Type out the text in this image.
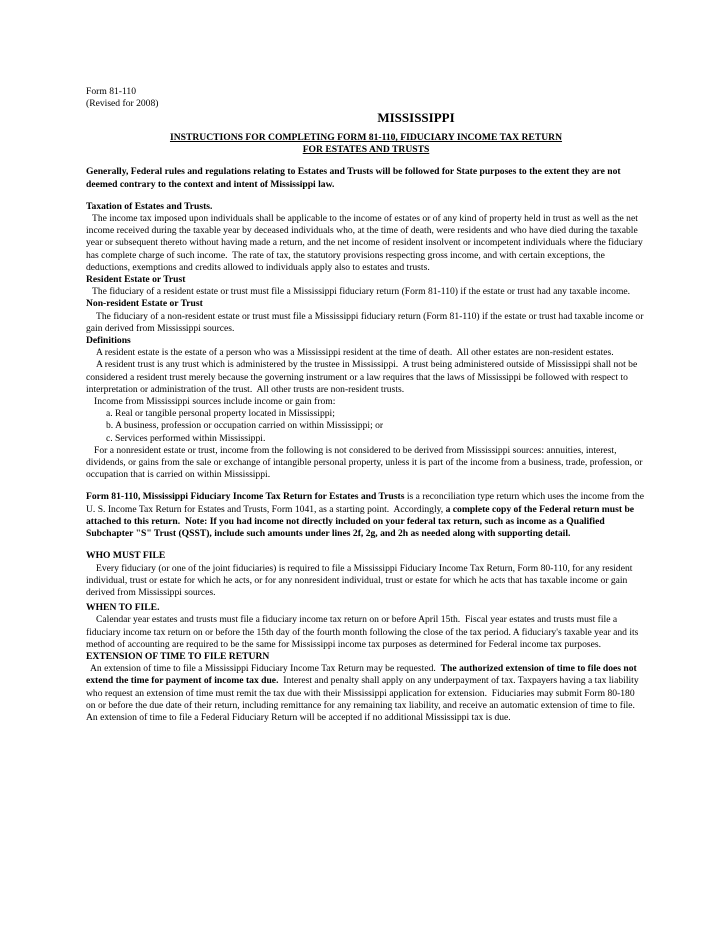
Form 81-110

(Revised for 2008)

MISSISSIPPI

INSTRUCTIONS FOR COMPLETING FORM 81-110, FIDUCIARY INCOME TAX RETURN
FOR ESTATES AND TRUSTS

Generally, Federal rules and regulations relating to Estates and Trusts will be followed for State purposes to the extent they are not deemed contrary to the context and intent of Mississippi law.

Taxation of Estates and Trusts.

The income tax imposed upon individuals shall be applicable to the income of estates or of any kind of property held in trust as well as the net income received during the taxable year by deceased individuals who, at the time of death, were residents and who have died during the taxable year or subsequent thereto without having made a return, and the net income of resident insolvent or incompetent individuals where the fiduciary has complete charge of such income.  The rate of tax, the statutory provisions respecting gross income, and with certain exceptions, the deductions, exemptions and credits allowed to individuals apply also to estates and trusts.

Resident Estate or Trust

The fiduciary of a resident estate or trust must file a Mississippi fiduciary return (Form 81-110) if the estate or trust had any taxable income.

Non-resident Estate or Trust

The fiduciary of a non-resident estate or trust must file a Mississippi fiduciary return (Form 81-110) if the estate or trust had taxable income or gain derived from Mississippi sources.

Definitions

A resident estate is the estate of a person who was a Mississippi resident at the time of death.  All other estates are non-resident estates.

A resident trust is any trust which is administered by the trustee in Mississippi.  A trust being administered outside of Mississippi shall not be considered a resident trust merely because the governing instrument or a law requires that the laws of Mississippi be followed with respect to interpretation or administration of the trust.  All other trusts are non-resident trusts.

Income from Mississippi sources include income or gain from:

a. Real or tangible personal property located in Mississippi;

b. A business, profession or occupation carried on within Mississippi; or

c. Services performed within Mississippi.

For a nonresident estate or trust, income from the following is not considered to be derived from Mississippi sources: annuities, interest, dividends, or gains from the sale or exchange of intangible personal property, unless it is part of the income from a business, trade, profession, or occupation that is carried on within Mississippi.

Form 81-110, Mississippi Fiduciary Income Tax Return for Estates and Trusts is a reconciliation type return which uses the income from the U. S. Income Tax Return for Estates and Trusts, Form 1041, as a starting point.  Accordingly, a complete copy of the Federal return must be attached to this return.  Note: If you had income not directly included on your federal tax return, such as income as a Qualified Subchapter "S" Trust (QSST), include such amounts under lines 2f, 2g, and 2h as needed along with supporting detail.

WHO MUST FILE

Every fiduciary (or one of the joint fiduciaries) is required to file a Mississippi Fiduciary Income Tax Return, Form 80-110, for any resident individual, trust or estate for which he acts, or for any nonresident individual, trust or estate for which he acts that has taxable income or gain derived from Mississippi sources.

WHEN TO FILE.

Calendar year estates and trusts must file a fiduciary income tax return on or before April 15th.  Fiscal year estates and trusts must file a fiduciary income tax return on or before the 15th day of the fourth month following the close of the tax period. A fiduciary's taxable year and its method of accounting are required to be the same for Mississippi income tax purposes as determined for Federal income tax purposes.

EXTENSION OF TIME TO FILE RETURN

An extension of time to file a Mississippi Fiduciary Income Tax Return may be requested.  The authorized extension of time to file does not extend the time for payment of income tax due.  Interest and penalty shall apply on any underpayment of tax. Taxpayers having a tax liability who request an extension of time must remit the tax due with their Mississippi application for extension.  Fiduciaries may submit Form 80-180 on or before the due date of their return, including remittance for any remaining tax liability, and receive an automatic extension of time to file.  An extension of time to file a Federal Fiduciary Return will be accepted if no additional Mississippi tax is due.
